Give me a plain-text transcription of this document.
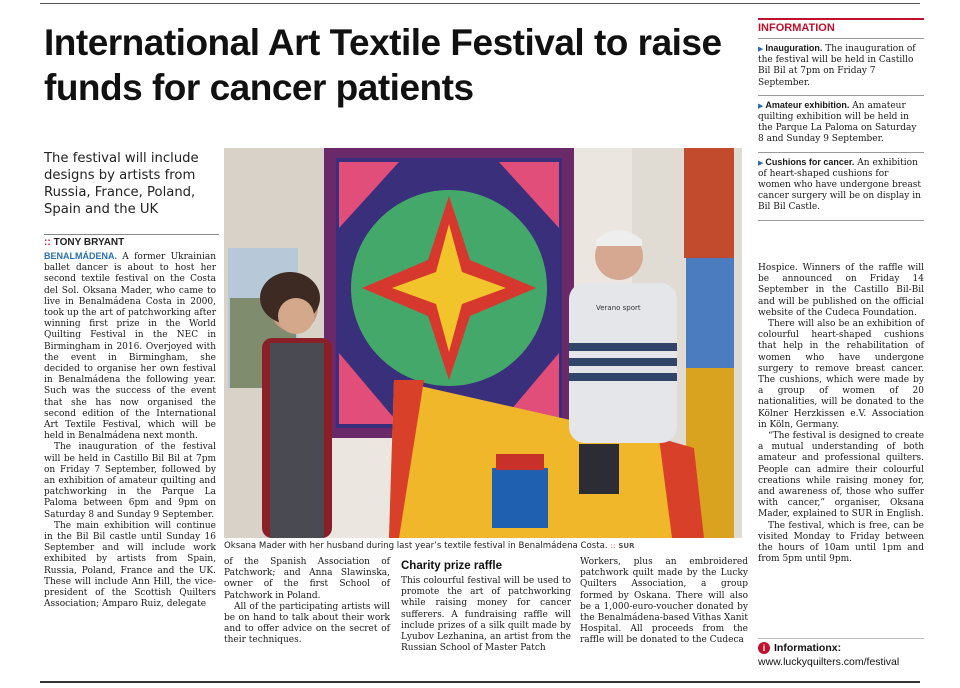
International Art Textile Festival to raise funds for cancer patients
The festival will include designs by artists from Russia, France, Poland, Spain and the UK
:: TONY BRYANT

BENALMÁDENA. A former Ukrainian ballet dancer is about to host her second textile festival on the Costa del Sol. Oksana Mader, who came to live in Benalmádena Costa in 2000, took up the art of patchworking after winning first prize in the World Quilting Festival in the NEC in Birmingham in 2016. Overjoyed with the event in Birmingham, she decided to organise her own festival in Benalmádena the following year. Such was the success of the event that she has now organised the second edition of the International Art Textile Festival, which will be held in Benalmádena next month.

The inauguration of the festival will be held in Castillo Bil Bil at 7pm on Friday 7 September, followed by an exhibition of amateur quilting and patchworking in the Parque La Paloma between 6pm and 9pm on Saturday 8 and Sunday 9 September.

The main exhibition will continue in the Bil Bil castle until Sunday 16 September and will include work exhibited by artists from Spain, Russia, Poland, France and the UK. These will include Ann Hill, the vice-president of the Scottish Quilters Association; Amparo Ruiz, delegate

Verano sport
Oksana Mader with her husband during last year’s textile festival in Benalmádena Costa. :: SUR

of the Spanish Association of Patchwork; and Anna Slawinska, owner of the first School of Patchwork in Poland.

All of the participating artists will be on hand to talk about their work and to offer advice on the secret of their techniques.

Charity prize raffle

This colourful festival will be used to promote the art of patchworking while raising money for cancer sufferers. A fundraising raffle will include prizes of a silk quilt made by Lyubov Lezhanina, an artist from the Russian School of Master Patch

Workers, plus an embroidered patchwork quilt made by the Lucky Quilters Association, a group formed by Oskana. There will also be a 1,000-euro-voucher donated by the Benalmádena-based Vithas Xanit Hospital. All proceeds from the raffle will be donated to the Cudeca

Hospice. Winners of the raffle will be announced on Friday 14 September in the Castillo Bil-Bil and will be published on the official website of the Cudeca Foundation.

There will also be an exhibition of colourful heart-shaped cushions that help in the rehabilitation of women who have undergone surgery to remove breast cancer. The cushions, which were made by a group of women of 20 nationalities, will be donated to the Kölner Herzkissen e.V. Association in Köln, Germany.

“The festival is designed to create a mutual understanding of both amateur and professional quilters. People can admire their colourful creations while raising money for, and awareness of, those who suffer with cancer,” organiser, Oksana Mader, explained to SUR in English.

The festival, which is free, can be visited Monday to Friday between the hours of 10am until 1pm and from 5pm until 9pm.

INFORMATION
▶ Inauguration. The inauguration of the festival will be held in Castillo Bil Bil at 7pm on Friday 7 September.
▶ Amateur exhibition. An amateur quilting exhibition will be held in the Parque La Paloma on Saturday 8 and Sunday 9 September.
▶ Cushions for cancer. An exhibition of heart-shaped cushions for women who have undergone breast cancer surgery will be on display in Bil Bil Castle.
i Informationx:
www.luckyquilters.com/festival
